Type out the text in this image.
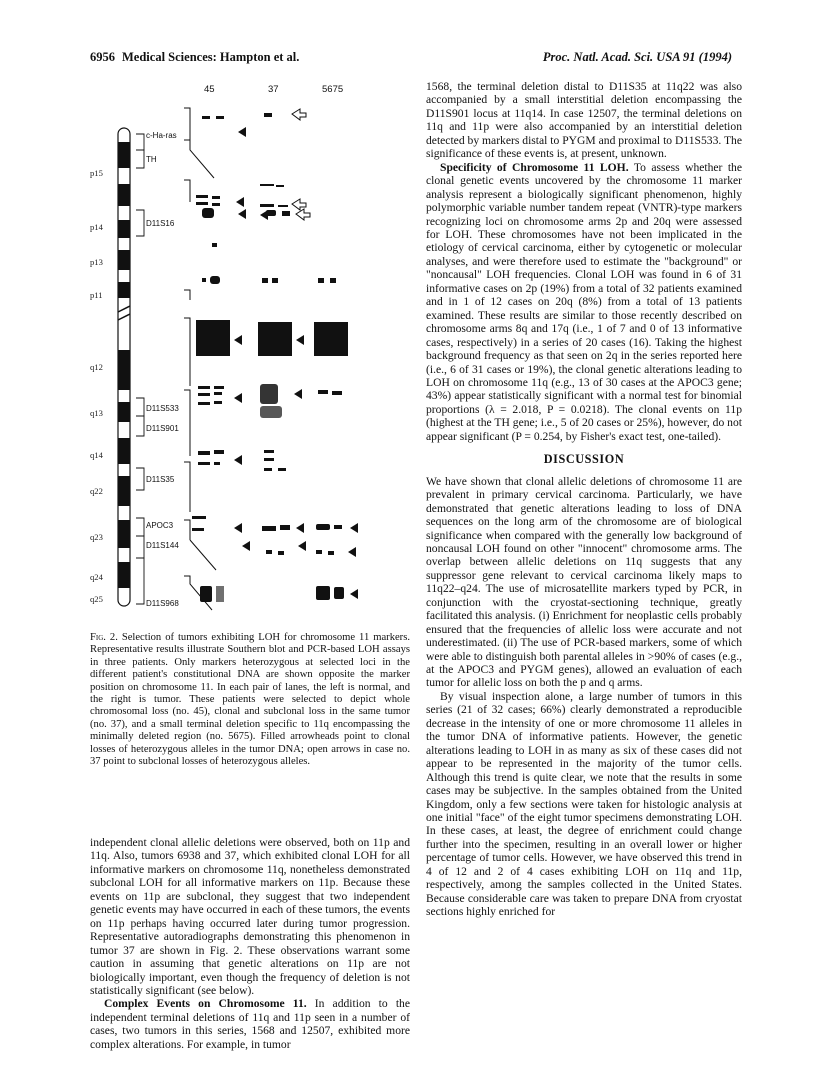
6956 Medical Sciences: Hampton et al.	Proc. Natl. Acad. Sci. USA 91 (1994)
45	37	5675
p15
p14
p13
p11
q12
q13
q14
q22
q23
q24
q25
c-Ha-ras
TH
D11S16
D11S533
D11S901
D11S35
APOC3
D11S144
D11S968
Fig. 2. Selection of tumors exhibiting LOH for chromosome 11 markers. Representative results illustrate Southern blot and PCR-based LOH assays in three patients. Only markers heterozygous at selected loci in the different patient's constitutional DNA are shown opposite the marker position on chromosome 11. In each pair of lanes, the left is normal, and the right is tumor. These patients were selected to depict whole chromosomal loss (no. 45), clonal and subclonal loss in the same tumor (no. 37), and a small terminal deletion specific to 11q encompassing the minimally deleted region (no. 5675). Filled arrowheads point to clonal losses of heterozygous alleles in the tumor DNA; open arrows in case no. 37 point to subclonal losses of heterozygous alleles.

independent clonal allelic deletions were observed, both on 11p and 11q. Also, tumors 6938 and 37, which exhibited clonal LOH for all informative markers on chromosome 11q, nonetheless demonstrated subclonal LOH for all informative markers on 11p. Because these events on 11p are subclonal, they suggest that two independent genetic events may have occurred in each of these tumors, the events on 11p perhaps having occurred later during tumor progression. Representative autoradiographs demonstrating this phenomenon in tumor 37 are shown in Fig. 2. These observations warrant some caution in assuming that genetic alterations on 11p are not biologically important, even though the frequency of deletion is not statistically significant (see below).

Complex Events on Chromosome 11. In addition to the independent terminal deletions of 11q and 11p seen in a number of cases, two tumors in this series, 1568 and 12507, exhibited more complex alterations. For example, in tumor

1568, the terminal deletion distal to D11S35 at 11q22 was also accompanied by a small interstitial deletion encompassing the D11S901 locus at 11q14. In case 12507, the terminal deletions on 11q and 11p were also accompanied by an interstitial deletion detected by markers distal to PYGM and proximal to D11S533. The significance of these events is, at present, unknown.

Specificity of Chromosome 11 LOH. To assess whether the clonal genetic events uncovered by the chromosome 11 marker analysis represent a biologically significant phenomenon, highly polymorphic variable number tandem repeat (VNTR)-type markers recognizing loci on chromosome arms 2p and 20q were assessed for LOH. These chromosomes have not been implicated in the etiology of cervical carcinoma, either by cytogenetic or molecular analyses, and were therefore used to estimate the "background" or "noncausal" LOH frequencies. Clonal LOH was found in 6 of 31 informative cases on 2p (19%) from a total of 32 patients examined and in 1 of 12 cases on 20q (8%) from a total of 13 patients examined. These results are similar to those recently described on chromosome arms 8q and 17q (i.e., 1 of 7 and 0 of 13 informative cases, respectively) in a series of 20 cases (16). Taking the highest background frequency as that seen on 2q in the series reported here (i.e., 6 of 31 cases or 19%), the clonal genetic alterations leading to LOH on chromosome 11q (e.g., 13 of 30 cases at the APOC3 gene; 43%) appear statistically significant with a normal test for binomial proportions (λ = 2.018, P = 0.0218). The clonal events on 11p (highest at the TH gene; i.e., 5 of 20 cases or 25%), however, do not appear significant (P = 0.254, by Fisher's exact test, one-tailed).

DISCUSSION

We have shown that clonal allelic deletions of chromosome 11 are prevalent in primary cervical carcinoma. Particularly, we have demonstrated that genetic alterations leading to loss of DNA sequences on the long arm of the chromosome are of biological significance when compared with the generally low background of noncausal LOH found on other "innocent" chromosome arms. The overlap between allelic deletions on 11q suggests that any suppressor gene relevant to cervical carcinoma likely maps to 11q22–q24. The use of microsatellite markers typed by PCR, in conjunction with the cryostat-sectioning technique, greatly facilitated this analysis. (i) Enrichment for neoplastic cells probably ensured that the frequencies of allelic loss were accurate and not underestimated. (ii) The use of PCR-based markers, some of which were able to distinguish both parental alleles in >90% of cases (e.g., at the APOC3 and PYGM genes), allowed an evaluation of each tumor for allelic loss on both the p and q arms.

By visual inspection alone, a large number of tumors in this series (21 of 32 cases; 66%) clearly demonstrated a reproducible decrease in the intensity of one or more chromosome 11 alleles in the tumor DNA of informative patients. However, the genetic alterations leading to LOH in as many as six of these cases did not appear to be represented in the majority of the tumor cells. Although this trend is quite clear, we note that the results in some cases may be subjective. In the samples obtained from the United Kingdom, only a few sections were taken for histologic analysis at one initial "face" of the eight tumor specimens demonstrating LOH. In these cases, at least, the degree of enrichment could change further into the specimen, resulting in an overall lower or higher percentage of tumor cells. However, we have observed this trend in 4 of 12 and 2 of 4 cases exhibiting LOH on 11q and 11p, respectively, among the samples collected in the United States. Because considerable care was taken to prepare DNA from cryostat sections highly enriched for
